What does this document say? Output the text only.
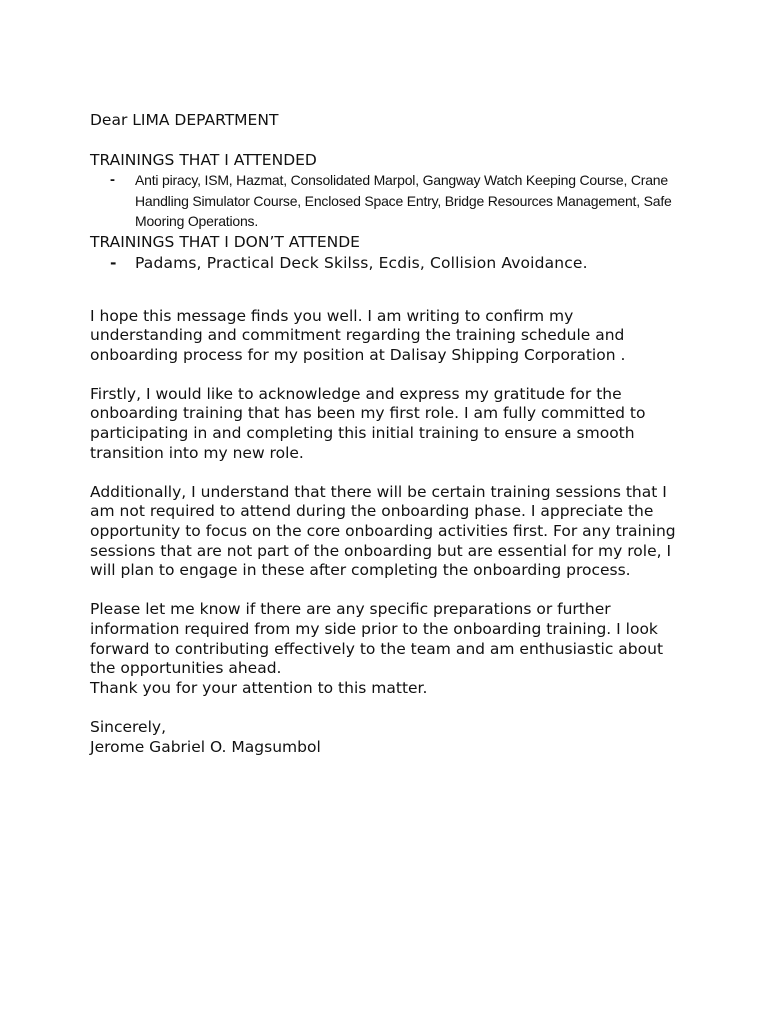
Dear LIMA DEPARTMENT
TRAININGS THAT I ATTENDED
- Anti piracy, ISM, Hazmat, Consolidated Marpol, Gangway Watch Keeping Course, Crane Handling Simulator Course, Enclosed Space Entry, Bridge Resources Management, Safe Mooring Operations.
TRAININGS THAT I DON’T ATTENDE
- Padams, Practical Deck Skilss, Ecdis, Collision Avoidance.

I hope this message finds you well. I am writing to confirm my understanding and commitment regarding the training schedule and onboarding process for my position at Dalisay Shipping Corporation .

Firstly, I would like to acknowledge and express my gratitude for the onboarding training that has been my first role. I am fully committed to participating in and completing this initial training to ensure a smooth transition into my new role.

Additionally, I understand that there will be certain training sessions that I am not required to attend during the onboarding phase. I appreciate the opportunity to focus on the core onboarding activities first. For any training sessions that are not part of the onboarding but are essential for my role, I will plan to engage in these after completing the onboarding process.

Please let me know if there are any specific preparations or further information required from my side prior to the onboarding training. I look forward to contributing effectively to the team and am enthusiastic about the opportunities ahead.

Thank you for your attention to this matter.

Sincerely,

Jerome Gabriel O. Magsumbol
